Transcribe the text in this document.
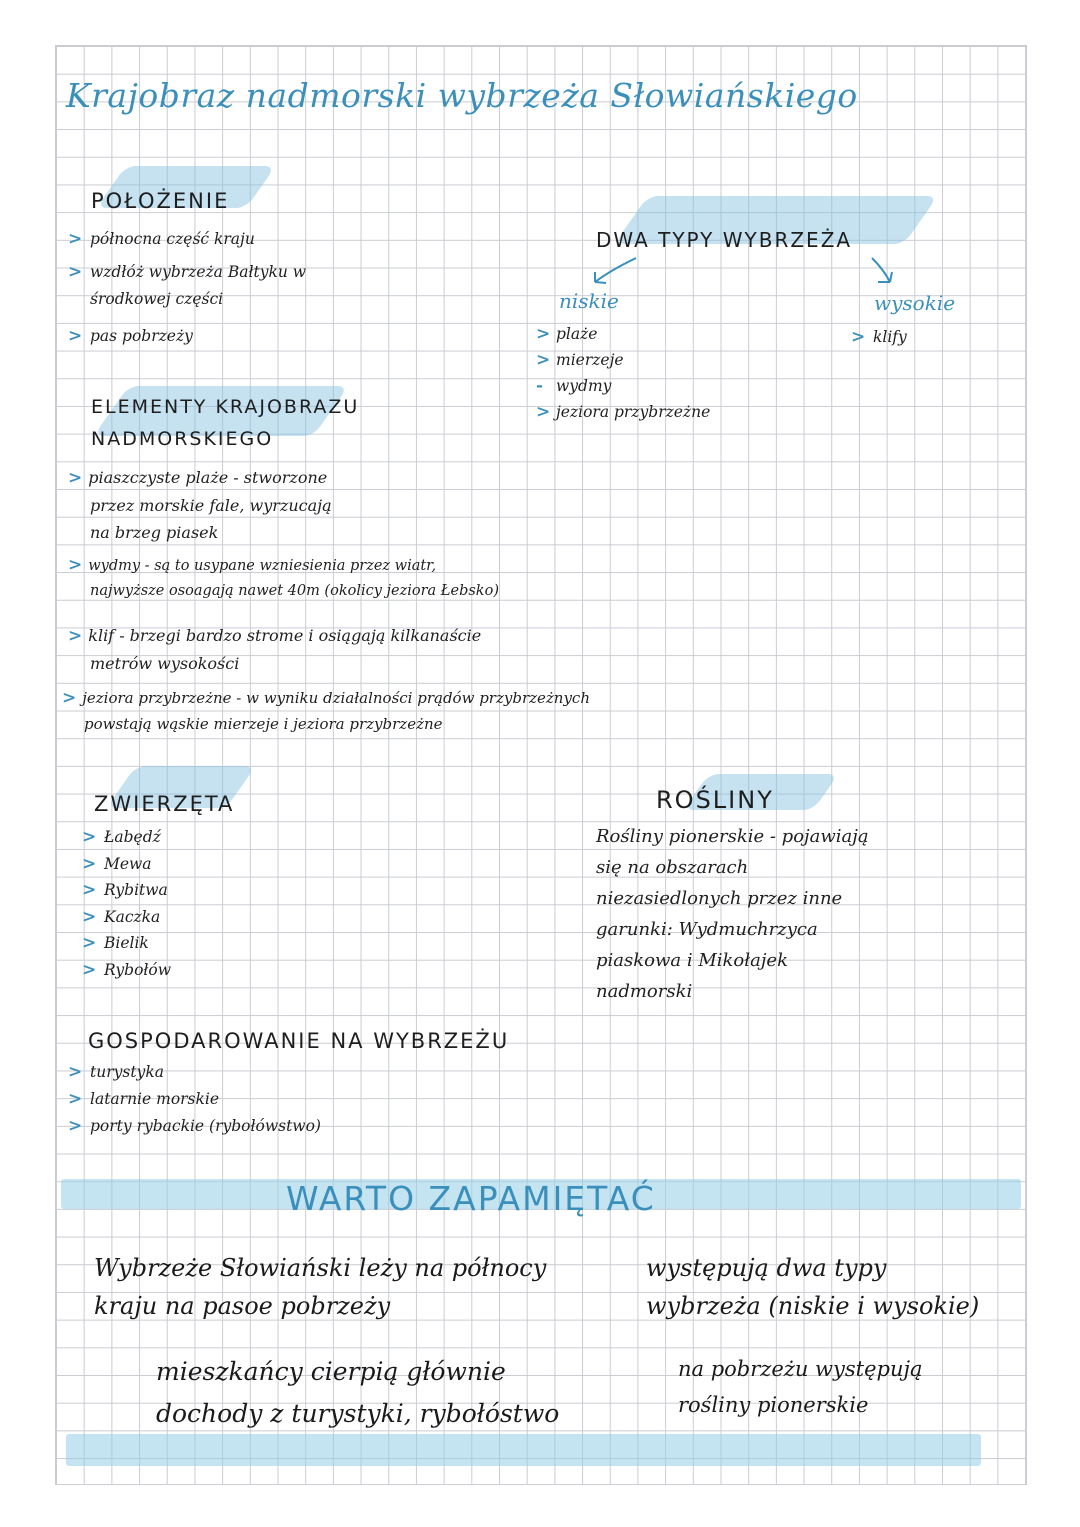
Krajobraz nadmorski wybrzeża Słowiańskiego
POŁOŻENIE
> północna część kraju
> wzdłóż wybrzeża Bałtyku w
środkowej części
> pas pobrzeży
DWA TYPY WYBRZEŻA
niskie	wysokie
> plaże
> mierzeje
- wydmy
> jeziora przybrzeżne
> klify
ELEMENTY KRAJOBRAZU
NADMORSKIEGO
> piaszczyste plaże - stworzone
przez morskie fale, wyrzucają
na brzeg piasek
> wydmy - są to usypane wzniesienia przez wiatr,
najwyższe osoagają nawet 40m (okolicy jeziora Łebsko)
> klif - brzegi bardzo strome i osiągają kilkanaście
metrów wysokości
> jeziora przybrzeżne - w wyniku działalności prądów przybrzeżnych
powstają wąskie mierzeje i jeziora przybrzeżne
ZWIERZĘTA
> Łabędź
> Mewa
> Rybitwa
> Kaczka
> Bielik
> Rybołów
ROŚLINY
Rośliny pionerskie - pojawiają
się na obszarach
niezasiedlonych przez inne
garunki: Wydmuchrzyca
piaskowa i Mikołajek
nadmorski
GOSPODAROWANIE NA WYBRZEŻU
> turystyka
> latarnie morskie
> porty rybackie (rybołówstwo)
WARTO ZAPAMIĘTAĆ
Wybrzeże Słowiański leży na północy
kraju na pasoe pobrzeży
występują dwa typy
wybrzeża (niskie i wysokie)
mieszkańcy cierpią głównie
dochody z turystyki, rybołóstwo
na pobrzeżu występują
rośliny pionerskie
